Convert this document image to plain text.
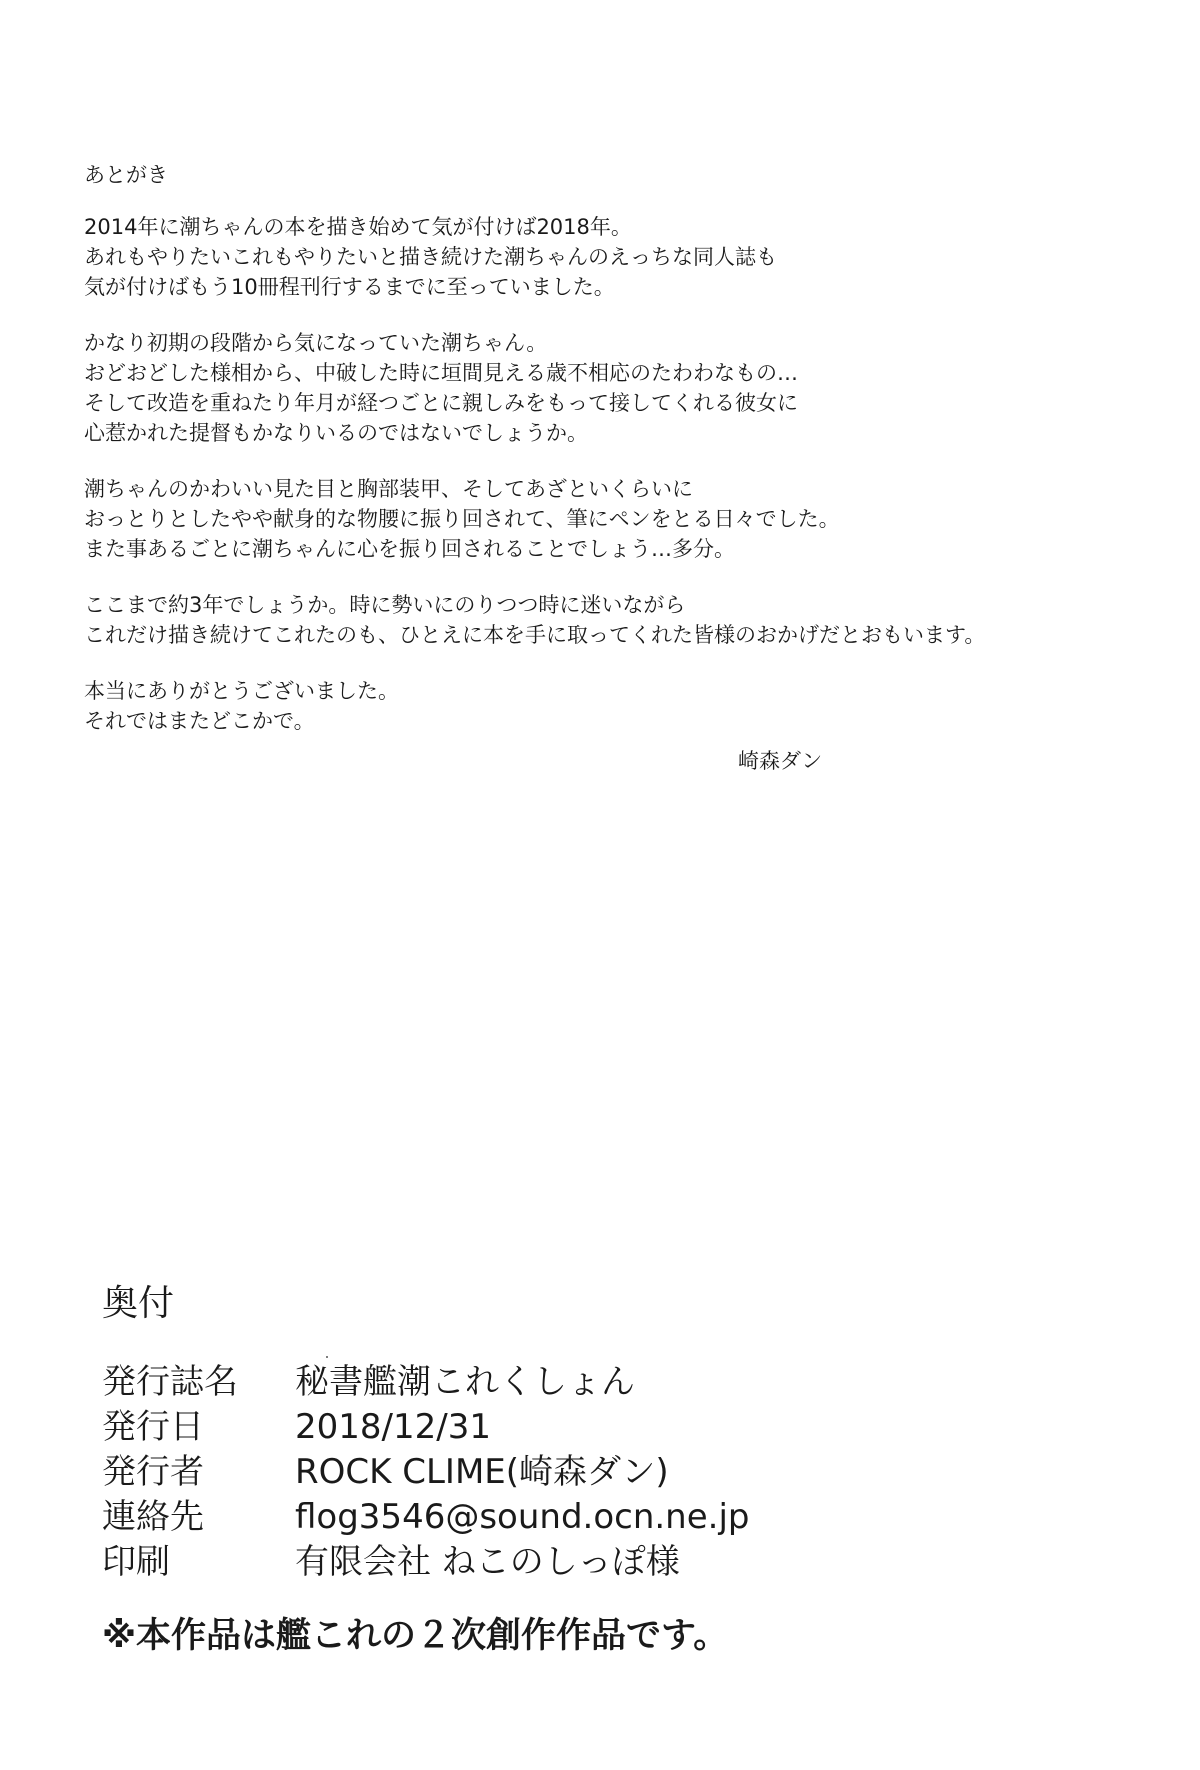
あとがき
2014年に潮ちゃんの本を描き始めて気が付けば2018年。
あれもやりたいこれもやりたいと描き続けた潮ちゃんのえっちな同人誌も
気が付けばもう10冊程刊行するまでに至っていました。
かなり初期の段階から気になっていた潮ちゃん。
おどおどした様相から、中破した時に垣間見える歳不相応のたわわなもの…
そして改造を重ねたり年月が経つごとに親しみをもって接してくれる彼女に
心惹かれた提督もかなりいるのではないでしょうか。
潮ちゃんのかわいい見た目と胸部装甲、そしてあざといくらいに
おっとりとしたやや献身的な物腰に振り回されて、筆にペンをとる日々でした。
また事あるごとに潮ちゃんに心を振り回されることでしょう…多分。
ここまで約3年でしょうか。時に勢いにのりつつ時に迷いながら
これだけ描き続けてこれたのも、ひとえに本を手に取ってくれた皆様のおかげだとおもいます。
本当にありがとうございました。
それではまたどこかで。
崎森ダン
奥付
発行誌名	秘書艦潮これくしょん
発行日	2018/12/31
発行者	ROCK CLIME(崎森ダン)
連絡先	flog3546@sound.ocn.ne.jp
印刷	有限会社 ねこのしっぽ様
※本作品は艦これの２次創作作品です。
